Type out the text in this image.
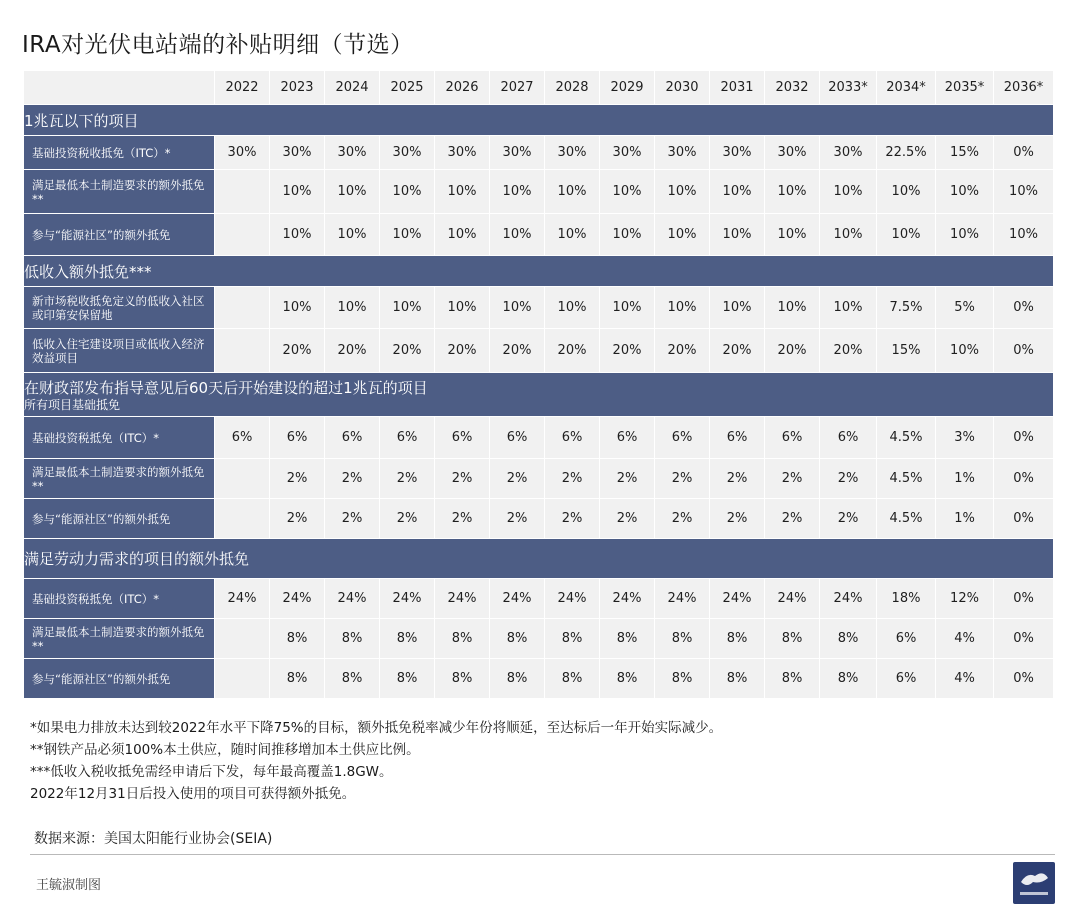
IRA对光伏电站端的补贴明细（节选）
	2022	2023	2024	2025	2026	2027	2028	2029	2030	2031	2032	2033*	2034*	2035*	2036*
1兆瓦以下的项目															
基础投资税收抵免（ITC）*	30%	30%	30%	30%	30%	30%	30%	30%	30%	30%	30%	30%	22.5%	15%	0%
满足最低本土制造要求的额外抵免**		10%	10%	10%	10%	10%	10%	10%	10%	10%	10%	10%	10%	10%	10%
参与“能源社区”的额外抵免		10%	10%	10%	10%	10%	10%	10%	10%	10%	10%	10%	10%	10%	10%
低收入额外抵免***															
新市场税收抵免定义的低收入社区或印第安保留地		10%	10%	10%	10%	10%	10%	10%	10%	10%	10%	10%	7.5%	5%	0%
低收入住宅建设项目或低收入经济效益项目		20%	20%	20%	20%	20%	20%	20%	20%	20%	20%	20%	15%	10%	0%
在财政部发布指导意见后60天后开始建设的超过1兆瓦的项目
所有项目基础抵免															

基础投资税抵免（ITC）*	6%	6%	6%	6%	6%	6%	6%	6%	6%	6%	6%	6%	4.5%	3%	0%
满足最低本土制造要求的额外抵免**		2%	2%	2%	2%	2%	2%	2%	2%	2%	2%	2%	4.5%	1%	0%
参与“能源社区”的额外抵免		2%	2%	2%	2%	2%	2%	2%	2%	2%	2%	2%	4.5%	1%	0%
满足劳动力需求的项目的额外抵免															
基础投资税抵免（ITC）*	24%	24%	24%	24%	24%	24%	24%	24%	24%	24%	24%	24%	18%	12%	0%
满足最低本土制造要求的额外抵免**		8%	8%	8%	8%	8%	8%	8%	8%	8%	8%	8%	6%	4%	0%
参与“能源社区”的额外抵免		8%	8%	8%	8%	8%	8%	8%	8%	8%	8%	8%	6%	4%	0%
*如果电力排放未达到较2022年水平下降75%的目标，额外抵免税率减少年份将顺延，至达标后一年开始实际减少。
**钢铁产品必须100%本土供应，随时间推移增加本土供应比例。
***低收入税收抵免需经申请后下发，每年最高覆盖1.8GW。
2022年12月31日后投入使用的项目可获得额外抵免。
数据来源：美国太阳能行业协会(SEIA)
王毓淑制图
